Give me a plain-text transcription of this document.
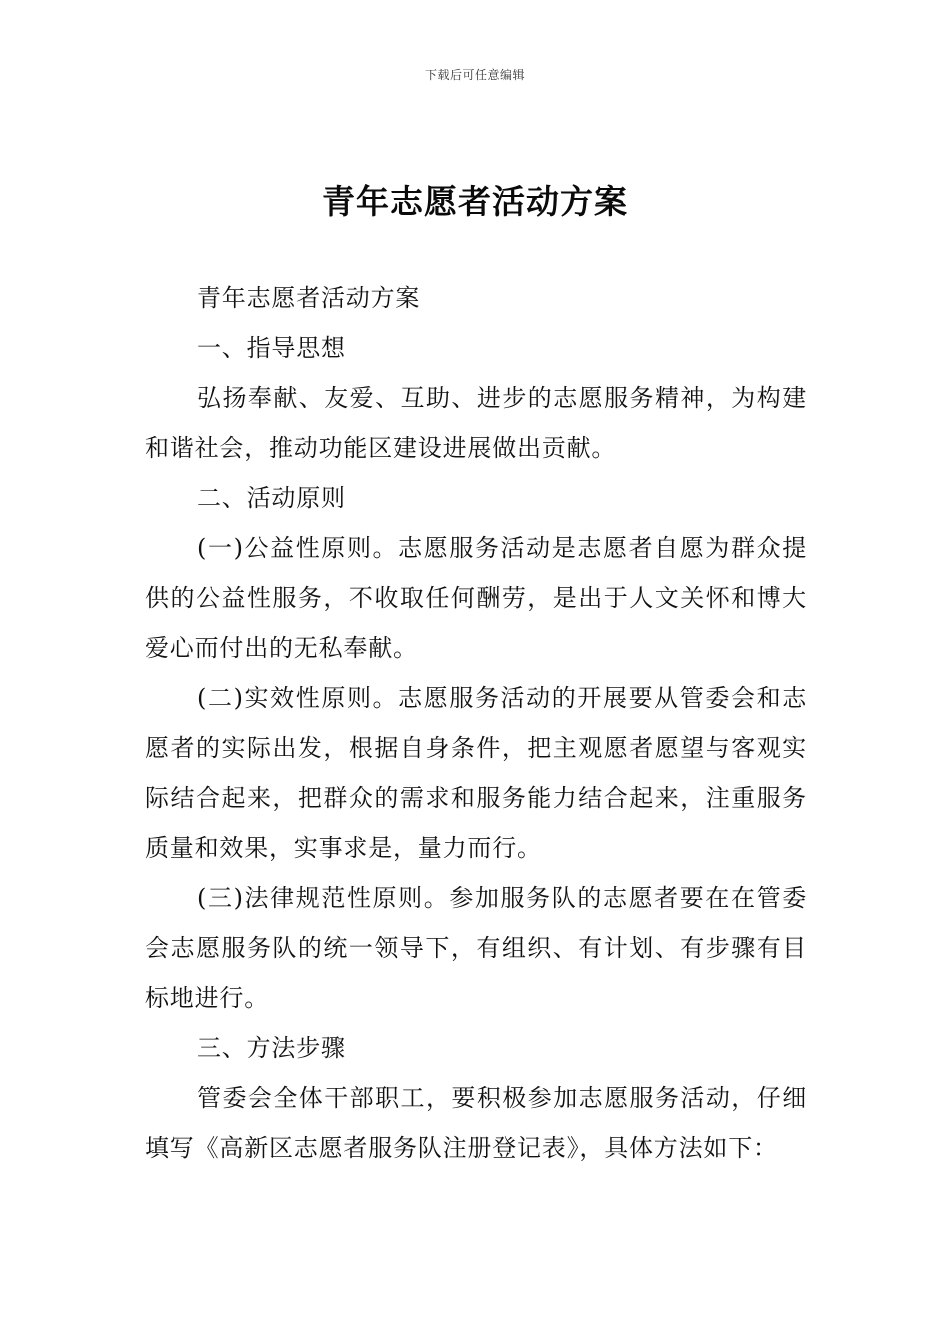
下载后可任意编辑
青年志愿者活动方案

青年志愿者活动方案

一、指导思想

弘扬奉献、友爱、互助、进步的志愿服务精神，为构建和谐社会，推动功能区建设进展做出贡献。

二、活动原则

(一)公益性原则。志愿服务活动是志愿者自愿为群众提供的公益性服务，不收取任何酬劳，是出于人文关怀和博大爱心而付出的无私奉献。

(二)实效性原则。志愿服务活动的开展要从管委会和志愿者的实际出发，根据自身条件，把主观愿者愿望与客观实际结合起来，把群众的需求和服务能力结合起来，注重服务质量和效果，实事求是，量力而行。

(三)法律规范性原则。参加服务队的志愿者要在在管委会志愿服务队的统一领导下，有组织、有计划、有步骤有目标地进行。

三、方法步骤

管委会全体干部职工，要积极参加志愿服务活动，仔细填写《高新区志愿者服务队注册登记表》，具体方法如下：
